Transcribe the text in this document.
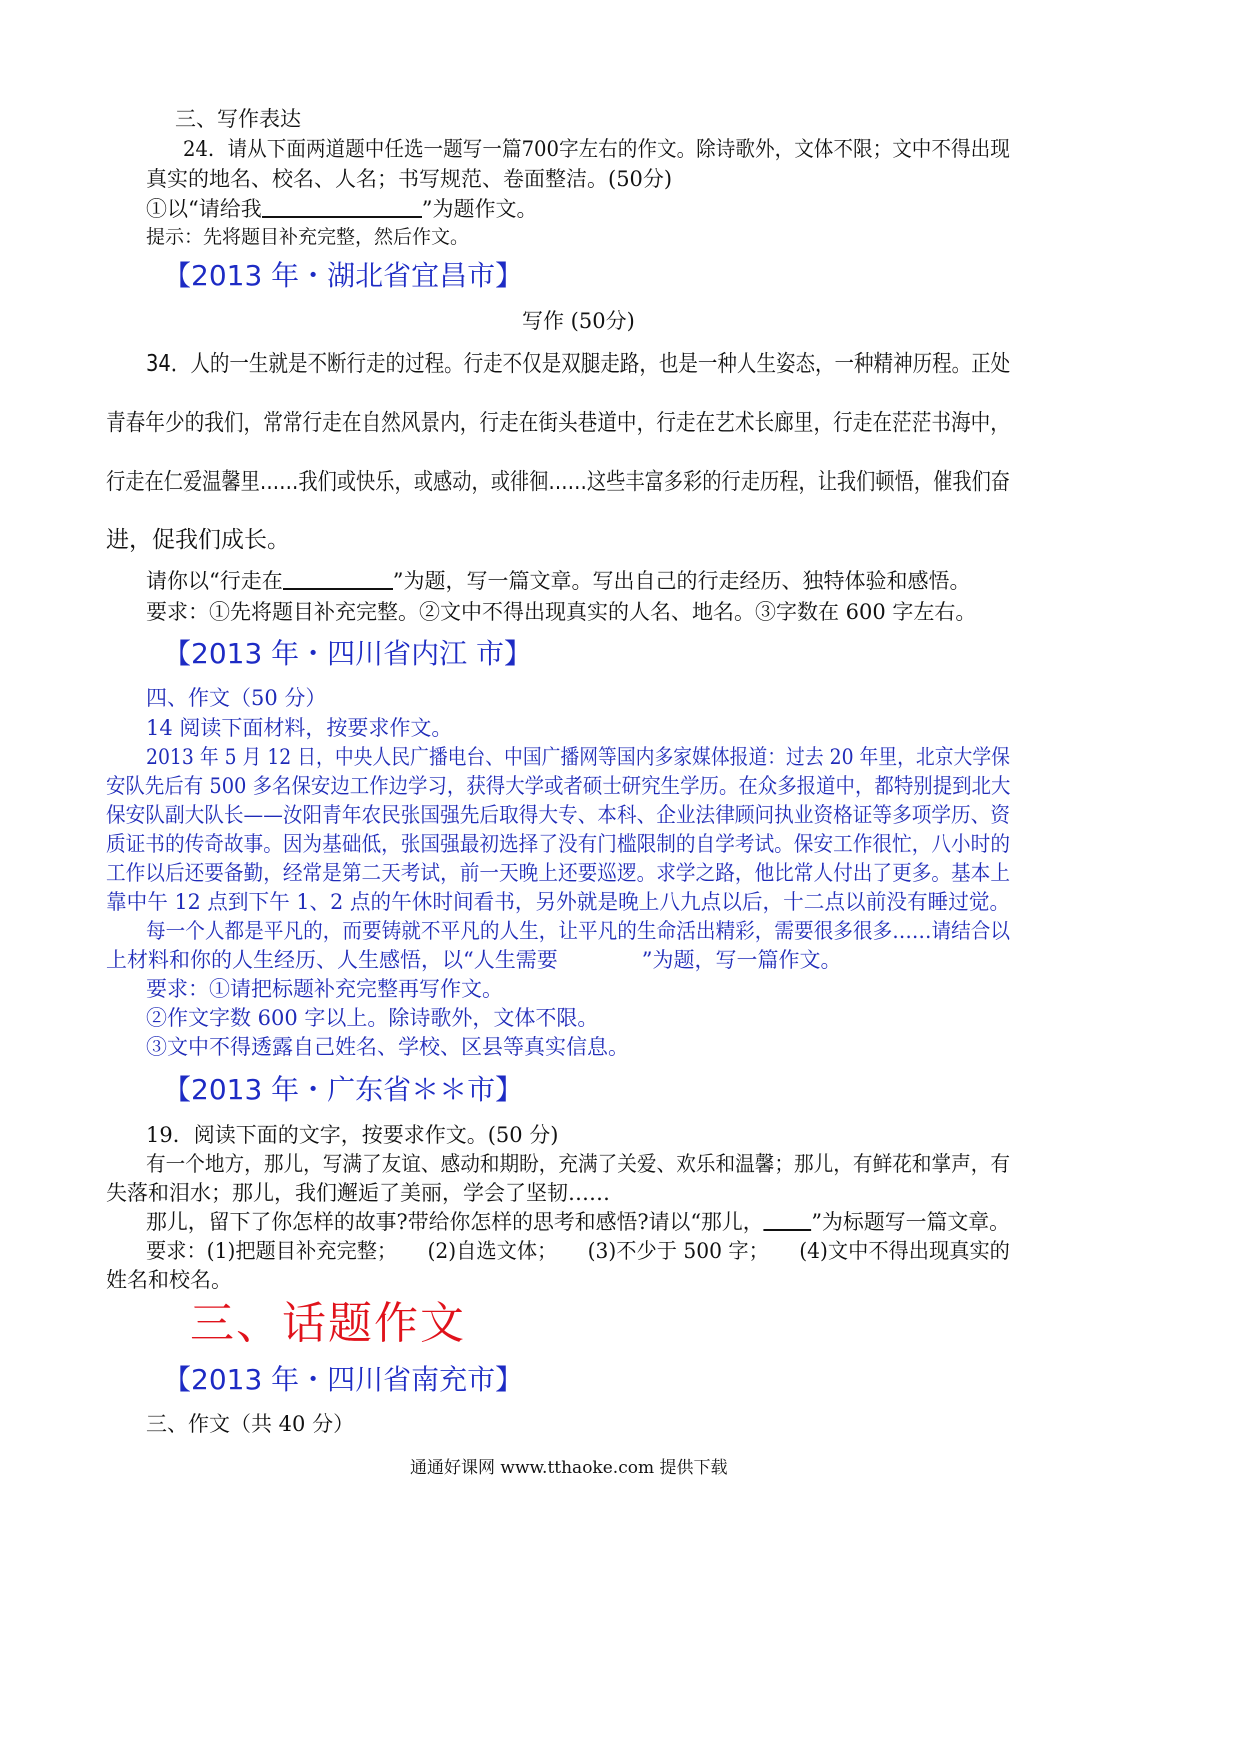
三、写作表达

24．请从下面两道题中任选一题写一篇700字左右的作文。除诗歌外，文体不限；文中不得出现

真实的地名、校名、人名；书写规范、卷面整洁。(50分)

①以“请给我	”为题作文。

提示：先将题目补充完整，然后作文。

【2013 年・湖北省宜昌市】

写作 (50分)

34．人的一生就是不断行走的过程。行走不仅是双腿走路，也是一种人生姿态，一种精神历程。正处

青春年少的我们，常常行走在自然风景内，行走在街头巷道中，行走在艺术长廊里，行走在茫茫书海中，

行走在仁爱温馨里……我们或快乐，或感动，或徘徊……这些丰富多彩的行走历程，让我们顿悟，催我们奋

进，促我们成长。

请你以“行走在	”为题，写一篇文章。写出自己的行走经历、独特体验和感悟。

要求：①先将题目补充完整。②文中不得出现真实的人名、地名。③字数在 600 字左右。

【2013 年・四川省内江 市】

四、作文（50 分）

14 阅读下面材料，按要求作文。

2013 年 5 月 12 日，中央人民广播电台、中国广播网等国内多家媒体报道：过去 20 年里，北京大学保

安队先后有 500 多名保安边工作边学习，获得大学或者硕士研究生学历。在众多报道中，都特别提到北大

保安队副大队长——汝阳青年农民张国强先后取得大专、本科、企业法律顾问执业资格证等多项学历、资

质证书的传奇故事。因为基础低，张国强最初选择了没有门槛限制的自学考试。保安工作很忙，八小时的

工作以后还要备勤，经常是第二天考试，前一天晚上还要巡逻。求学之路，他比常人付出了更多。基本上

靠中午 12 点到下午 1、2 点的午休时间看书，另外就是晚上八九点以后，十二点以前没有睡过觉。

每一个人都是平凡的，而要铸就不平凡的人生，让平凡的生命活出精彩，需要很多很多……请结合以

上材料和你的人生经历、人生感悟，以“人生需要　　　　”为题，写一篇作文。

要求：①请把标题补充完整再写作文。

②作文字数 600 字以上。除诗歌外，文体不限。

③文中不得透露自己姓名、学校、区县等真实信息。

【2013 年・广东省＊＊市】

19．阅读下面的文字，按要求作文。(50 分)

有一个地方，那儿，写满了友谊、感动和期盼，充满了关爱、欢乐和温馨；那儿，有鲜花和掌声，有

失落和泪水；那儿，我们邂逅了美丽，学会了坚韧……

那儿，留下了你怎样的故事?带给你怎样的思考和感悟?请以“那儿， ”为标题写一篇文章。

要求：(1)把题目补充完整；　　(2)自选文体；　　(3)不少于 500 字；　　(4)文中不得出现真实的

姓名和校名。

三、话题作文

【2013 年・四川省南充市】

三、作文（共 40 分）

通通好课网 www.tthaoke.com 提供下载
